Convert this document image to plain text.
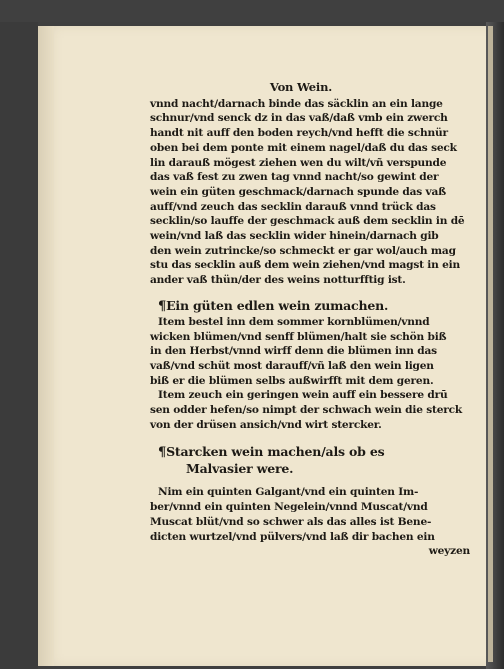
Von Wein.
vnnd nacht/darnach binde das säcklin an ein lange
schnur/vnd senck dz in das vaß/daß vmb ein zwerch
handt nit auff den boden reych/vnd hefft die schnür
oben bei dem ponte mit einem nagel/daß du das seck
lin darauß mögest ziehen wen du wilt/vñ verspunde
das vaß fest zu zwen tag vnnd nacht/so gewint der
wein ein güten geschmack/darnach spunde das vaß
auff/vnd zeuch das secklin darauß vnnd trück das
secklin/so lauffe der geschmack auß dem secklin in dē
wein/vnd laß das secklin wider hinein/darnach gib
den wein zutrincke/so schmeckt er gar wol/auch mag
stu das secklin auß dem wein ziehen/vnd magst in ein
ander vaß thün/der des weins notturfftig ist.
¶Ein güten edlen wein zumachen.
Item bestel inn dem sommer kornblümen/vnnd
wicken blümen/vnd senff blümen/halt sie schön biß
in den Herbst/vnnd wirff denn die blümen inn das
vaß/vnd schüt most darauff/vñ laß den wein ligen
biß er die blümen selbs außwirfft mit dem geren.
Item zeuch ein geringen wein auff ein bessere drū
sen odder hefen/so nimpt der schwach wein die sterck
von der drüsen ansich/vnd wirt stercker.
¶Starcken wein machen/als ob es
Malvasier were.
Nim ein quinten Galgant/vnd ein quinten Im-
ber/vnnd ein quinten Negelein/vnnd Muscat/vnd
Muscat blüt/vnd so schwer als das alles ist Bene-
dicten wurtzel/vnd pülvers/vnd laß dir bachen ein
weyzen
